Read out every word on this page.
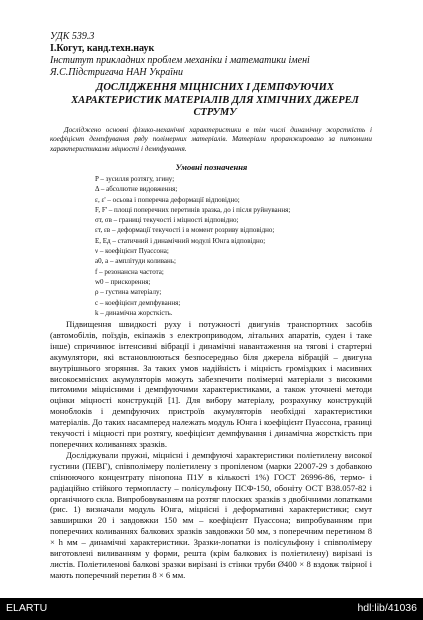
УДК 539.3
І.Когут, канд.техн.наук
Інститут прикладних проблем механіки і математики імені Я.С.Підстригача НАН України
ДОСЛІДЖЕННЯ МІЦНІСНИХ І ДЕМПФУЮЧИХ ХАРАКТЕРИСТИК МАТЕРІАЛІВ ДЛЯ ХІМІЧНИХ ДЖЕРЕЛ СТРУМУ
Досліджено основні фізико-механічні характеристики в тім числі динамічну жорсткість і коефіцієнт демпфування ряду полімерних матеріалів. Матеріали проранжировано за питомими характеристиками міцності і демпфування.
Умовні позначення
P – зусилля розтягу, згину;
Δ – абсолютне видовження;
ε, ε' – осьова і поперечна деформації відповідно;
F, F' – площі поперечних перетинів зразка, до і після руйнування;
σт, σв – границі текучості і міцності відповідно;
εт, εв – деформації текучості і в момент розриву відповідно;
E, Eд – статичний і динамічний модулі Юнга відповідно;
ν – коефіцієнт Пуассона;
a0, a – амплітуди коливань;
f – резонансна частота;
w0 – прискорення;
ρ – густина матеріалу;
c – коефіцієнт демпфування;
k – динамічна жорсткість.

Підвищення швидкості руху і потужності двигунів транспортних засобів (автомобілів, поїздів, екіпажів з електроприводом, літальних апаратів, суден і таке інше) спричинює інтенсивні вібрації і динамічні навантаження на тягові і стартерні акумулятори, які встановлюються безпосередньо біля джерела вібрацій – двигуна внутрішнього згоряння. За таких умов надійність і міцність громіздких і масивних високоємнісних акумуляторів можуть забезпечити полімерні матеріали з високими питомими міцнісними і демпфуючими характеристиками, а також уточнені методи оцінки міцності конструкцій [1]. Для вибору матеріалу, розрахунку конструкцій моноблоків і демпфуючих пристроїв акумуляторів необхідні характеристики матеріалів. До таких насамперед належать модуль Юнга і коефіцієнт Пуассона, границі текучості і міцності при розтягу, коефіцієнт демпфування і динамічна жорсткість при поперечних коливаннях зразків.

Досліджували пружні, міцнісні і демпфуючі характеристики поліетилену високої густини (ПЕВГ), співполімеру поліетилену з пропіленом (марки 22007-29 з добавкою спінюючого концентрату пінопона П1У в кількості 1%) ГОСТ 26996-86, термо- і радіаційно стійкого термопласту – полісульфону ПСФ-150, обоніту ОСТ В38.057-82 і органічного скла. Випробовуванням на розтяг плоских зразків з двобічними лопатками (рис. 1) визначали модуль Юнга, міцнісні і деформативні характеристики; смут завширшки 20 і завдовжки 150 мм – коефіцієнт Пуассона; випробуванням при поперечних коливаннях балкових зразків завдовжки 50 мм, з поперечним перетином 8 × h мм – динамічні характеристики. Зразки-лопатки із полісульфону і співполімеру виготовлені виливанням у форми, решта (крім балкових із поліетилену) вирізані із листів. Поліетиленові балкові зразки вирізані із стінки труби Ø400 × 8 вздовж твірної і мають поперечний перетин 8 × 6 мм.

ELARTU	hdl:lib/41036
